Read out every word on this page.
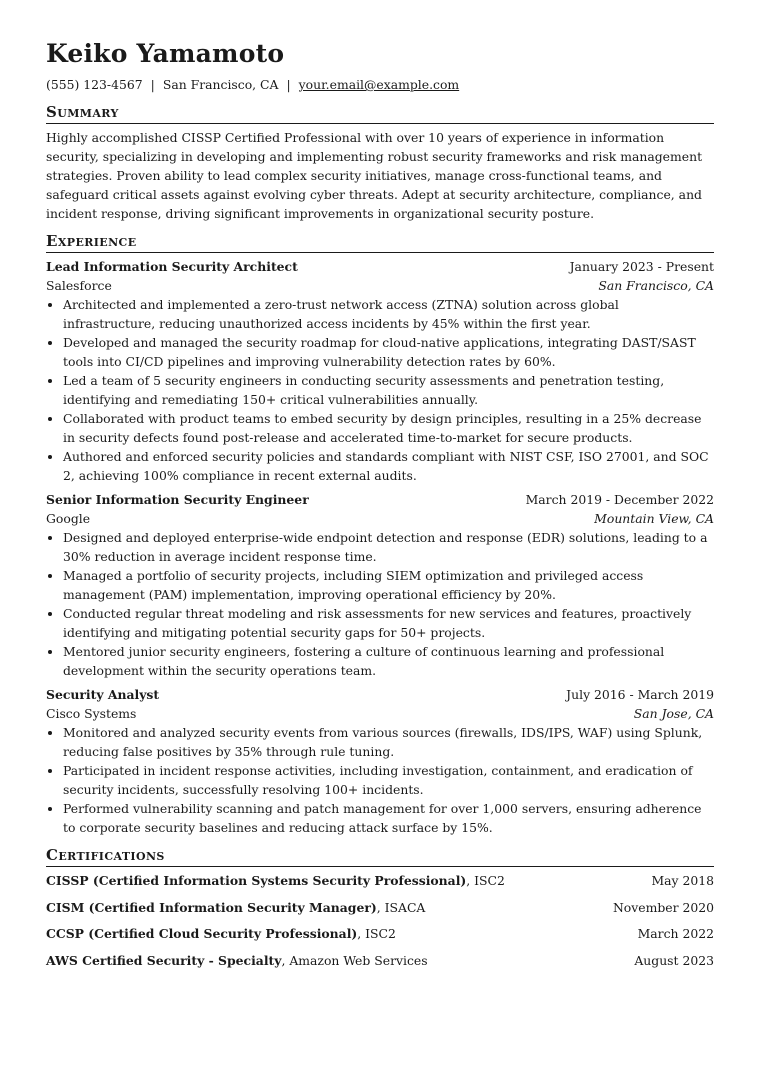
Keiko Yamamoto
(555) 123-4567 | San Francisco, CA | your.email@example.com
Summary
Highly accomplished CISSP Certified Professional with over 10 years of experience in information security, specializing in developing and implementing robust security frameworks and risk management strategies. Proven ability to lead complex security initiatives, manage cross-functional teams, and safeguard critical assets against evolving cyber threats. Adept at security architecture, compliance, and incident response, driving significant improvements in organizational security posture.
Experience
Lead Information Security Architect	January 2023 - Present
Salesforce	San Francisco, CA
• Architected and implemented a zero-trust network access (ZTNA) solution across global infrastructure, reducing unauthorized access incidents by 45% within the first year.
• Developed and managed the security roadmap for cloud-native applications, integrating DAST/SAST tools into CI/CD pipelines and improving vulnerability detection rates by 60%.
• Led a team of 5 security engineers in conducting security assessments and penetration testing, identifying and remediating 150+ critical vulnerabilities annually.
• Collaborated with product teams to embed security by design principles, resulting in a 25% decrease in security defects found post-release and accelerated time-to-market for secure products.
• Authored and enforced security policies and standards compliant with NIST CSF, ISO 27001, and SOC 2, achieving 100% compliance in recent external audits.
Senior Information Security Engineer	March 2019 - December 2022
Google	Mountain View, CA
• Designed and deployed enterprise-wide endpoint detection and response (EDR) solutions, leading to a 30% reduction in average incident response time.
• Managed a portfolio of security projects, including SIEM optimization and privileged access management (PAM) implementation, improving operational efficiency by 20%.
• Conducted regular threat modeling and risk assessments for new services and features, proactively identifying and mitigating potential security gaps for 50+ projects.
• Mentored junior security engineers, fostering a culture of continuous learning and professional development within the security operations team.
Security Analyst	July 2016 - March 2019
Cisco Systems	San Jose, CA
• Monitored and analyzed security events from various sources (firewalls, IDS/IPS, WAF) using Splunk, reducing false positives by 35% through rule tuning.
• Participated in incident response activities, including investigation, containment, and eradication of security incidents, successfully resolving 100+ incidents.
• Performed vulnerability scanning and patch management for over 1,000 servers, ensuring adherence to corporate security baselines and reducing attack surface by 15%.
Certifications
CISSP (Certified Information Systems Security Professional), ISC2	May 2018
CISM (Certified Information Security Manager), ISACA	November 2020
CCSP (Certified Cloud Security Professional), ISC2	March 2022
AWS Certified Security - Specialty, Amazon Web Services	August 2023
